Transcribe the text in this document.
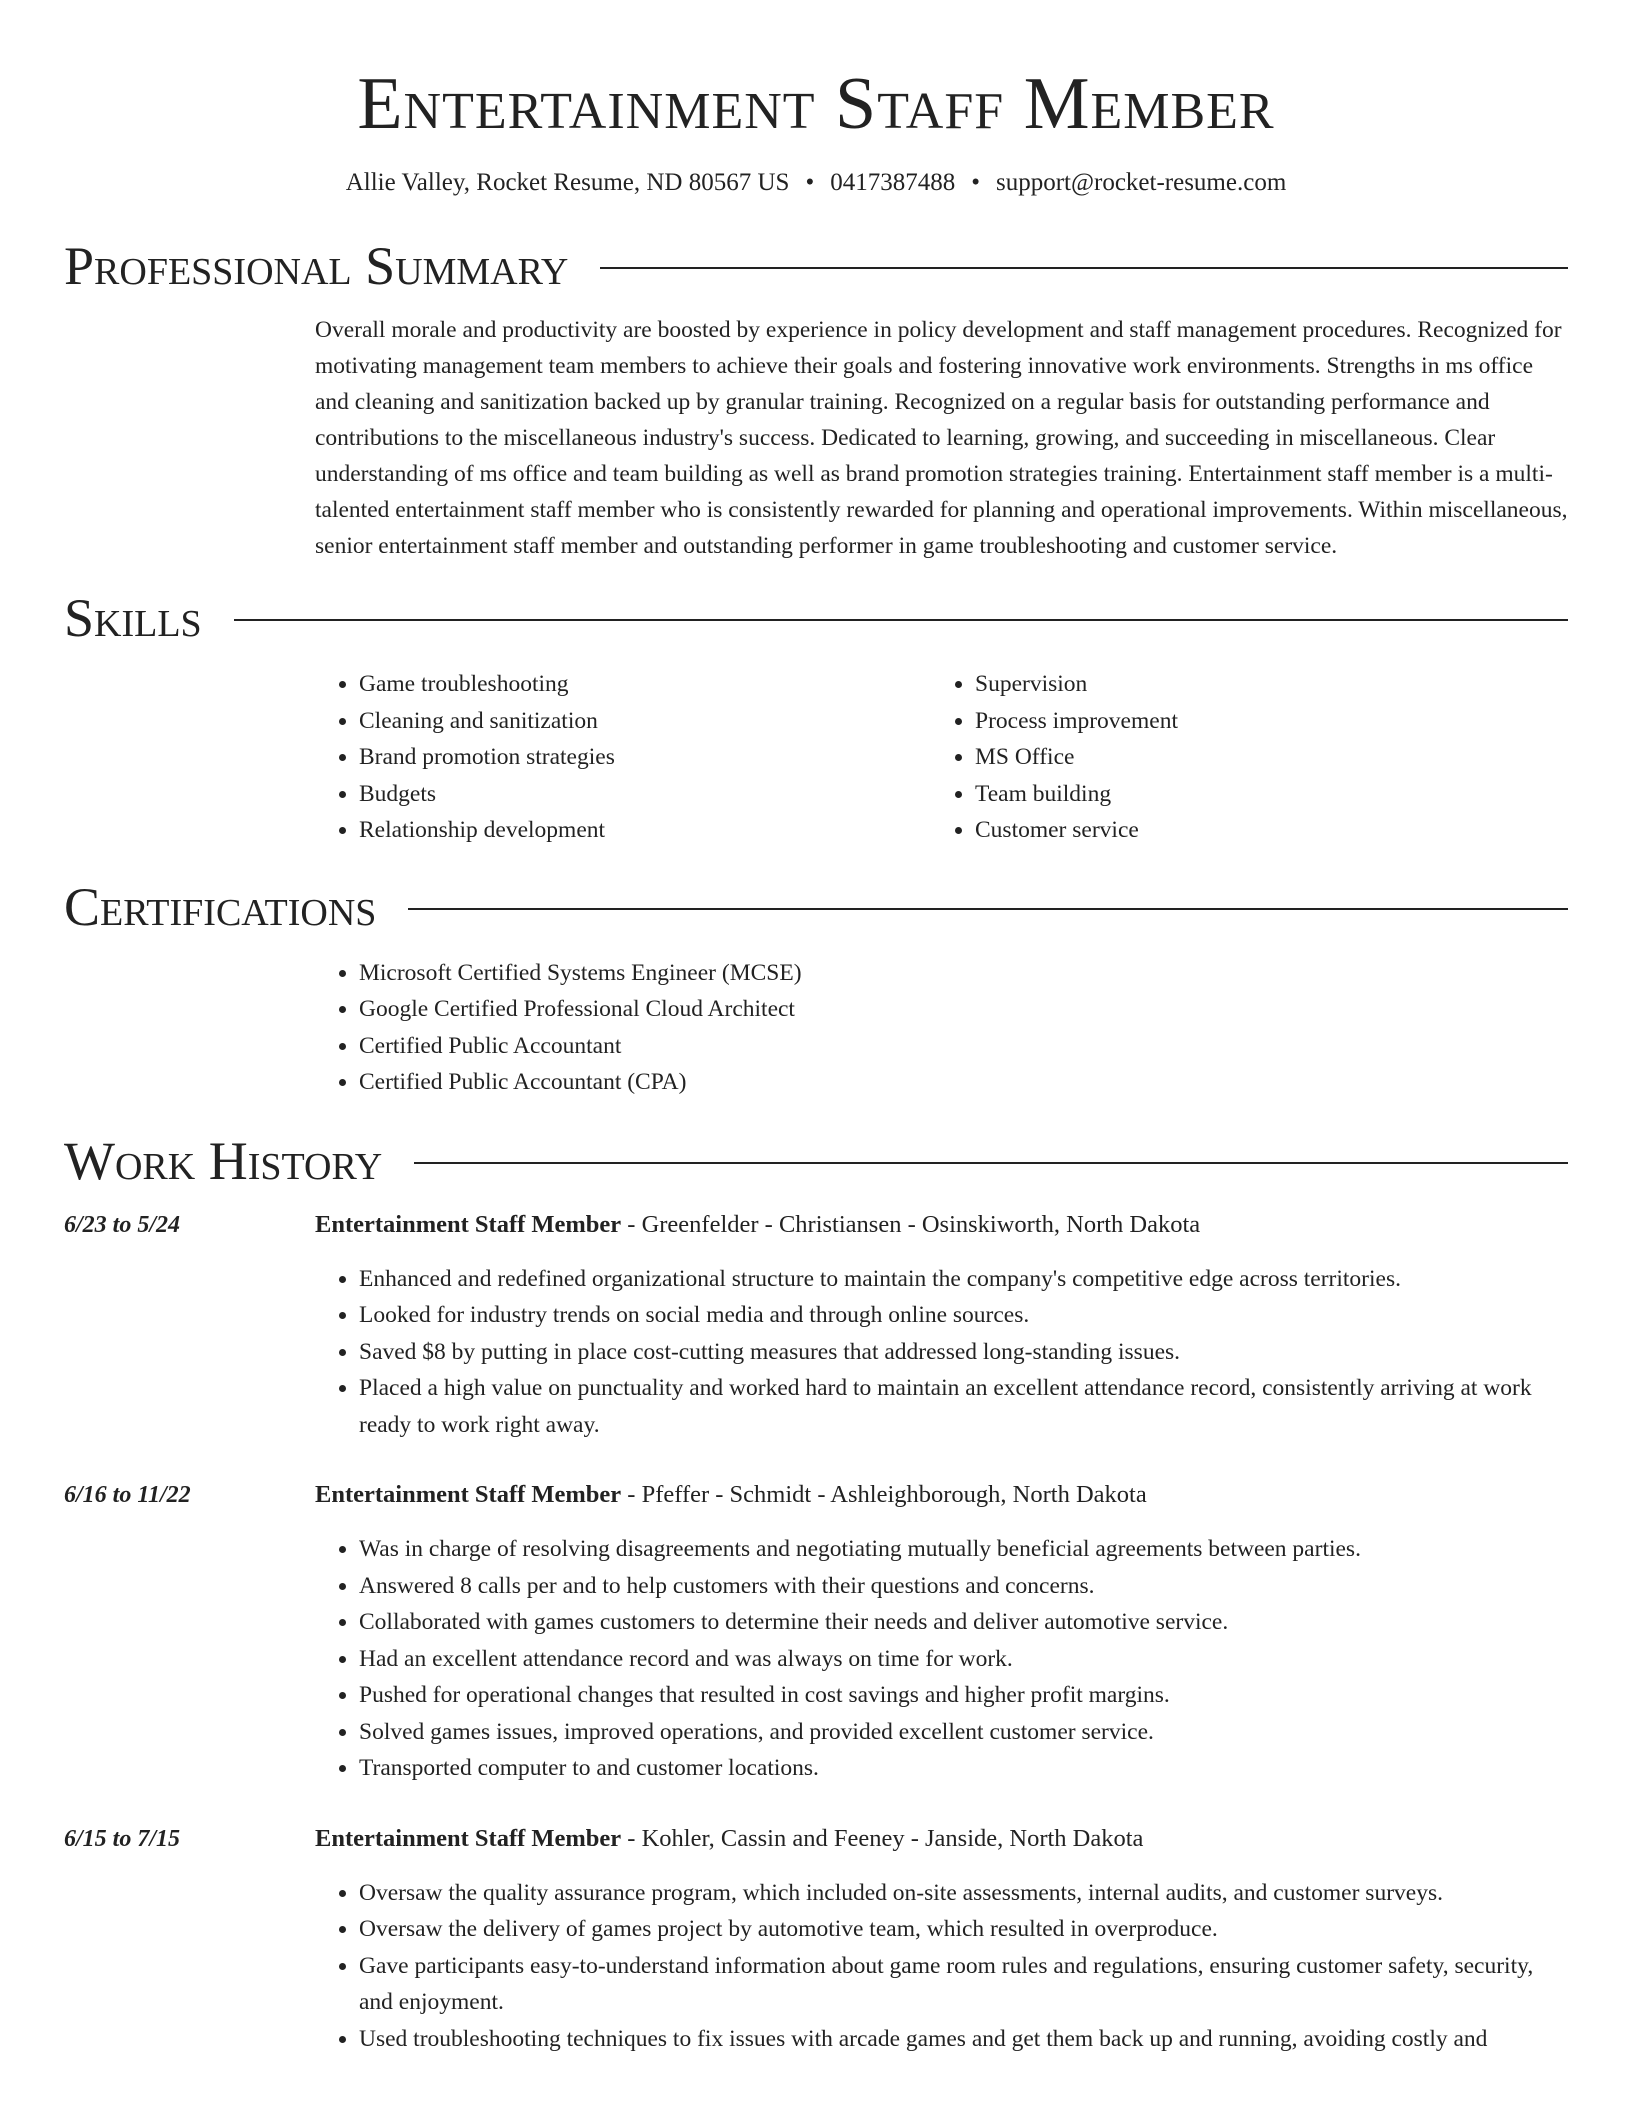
Entertainment Staff Member
Allie Valley, Rocket Resume, ND 80567 US • 0417387488 • support@rocket-resume.com
Professional Summary
Overall morale and productivity are boosted by experience in policy development and staff management procedures. Recognized for motivating management team members to achieve their goals and fostering innovative work environments. Strengths in ms office and cleaning and sanitization backed up by granular training. Recognized on a regular basis for outstanding performance and contributions to the miscellaneous industry's success. Dedicated to learning, growing, and succeeding in miscellaneous. Clear understanding of ms office and team building as well as brand promotion strategies training. Entertainment staff member is a multi-talented entertainment staff member who is consistently rewarded for planning and operational improvements. Within miscellaneous, senior entertainment staff member and outstanding performer in game troubleshooting and customer service.
Skills
• Game troubleshooting
• Cleaning and sanitization
• Brand promotion strategies
• Budgets
• Relationship development
• Supervision
• Process improvement
• MS Office
• Team building
• Customer service
Certifications
• Microsoft Certified Systems Engineer (MCSE)
• Google Certified Professional Cloud Architect
• Certified Public Accountant
• Certified Public Accountant (CPA)
Work History
6/23 to 5/24	Entertainment Staff Member - Greenfelder - Christiansen - Osinskiworth, North Dakota
• Enhanced and redefined organizational structure to maintain the company's competitive edge across territories.
• Looked for industry trends on social media and through online sources.
• Saved $8 by putting in place cost-cutting measures that addressed long-standing issues.
• Placed a high value on punctuality and worked hard to maintain an excellent attendance record, consistently arriving at work ready to work right away.
6/16 to 11/22	Entertainment Staff Member - Pfeffer - Schmidt - Ashleighborough, North Dakota
• Was in charge of resolving disagreements and negotiating mutually beneficial agreements between parties.
• Answered 8 calls per and to help customers with their questions and concerns.
• Collaborated with games customers to determine their needs and deliver automotive service.
• Had an excellent attendance record and was always on time for work.
• Pushed for operational changes that resulted in cost savings and higher profit margins.
• Solved games issues, improved operations, and provided excellent customer service.
• Transported computer to and customer locations.
6/15 to 7/15	Entertainment Staff Member - Kohler, Cassin and Feeney - Janside, North Dakota
• Oversaw the quality assurance program, which included on-site assessments, internal audits, and customer surveys.
• Oversaw the delivery of games project by automotive team, which resulted in overproduce.
• Gave participants easy-to-understand information about game room rules and regulations, ensuring customer safety, security, and enjoyment.
• Used troubleshooting techniques to fix issues with arcade games and get them back up and running, avoiding costly and
